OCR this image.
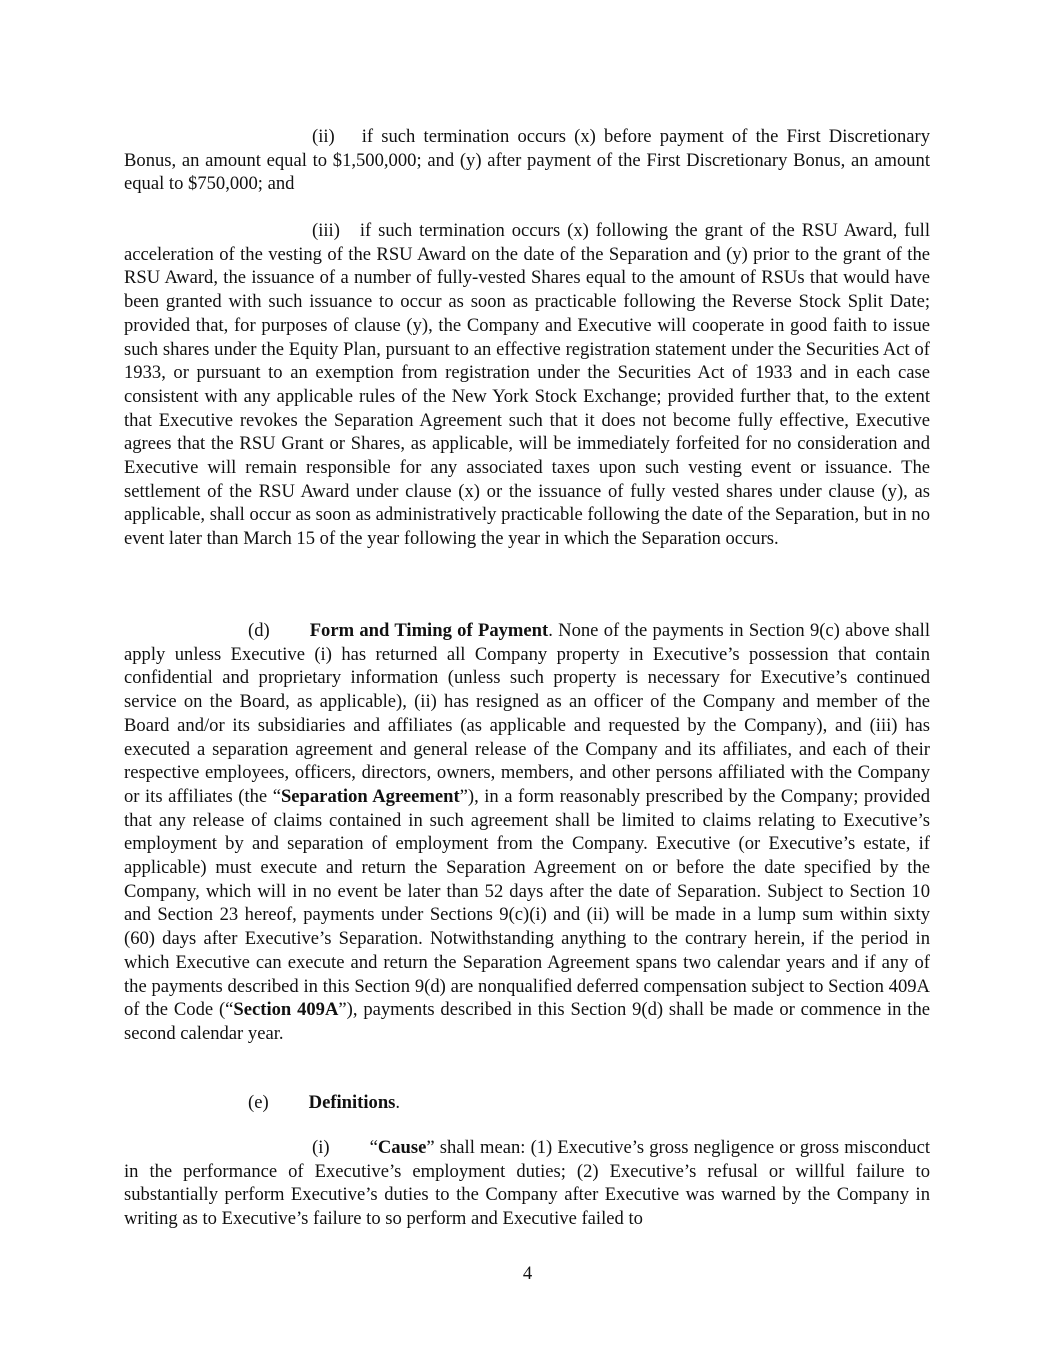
(ii) if such termination occurs (x) before payment of the First Discretionary Bonus, an amount equal to $1,500,000; and (y) after payment of the First Discretionary Bonus, an amount equal to $750,000; and

(iii) if such termination occurs (x) following the grant of the RSU Award, full acceleration of the vesting of the RSU Award on the date of the Separation and (y) prior to the grant of the RSU Award, the issuance of a number of fully-vested Shares equal to the amount of RSUs that would have been granted with such issuance to occur as soon as practicable following the Reverse Stock Split Date; provided that, for purposes of clause (y), the Company and Executive will cooperate in good faith to issue such shares under the Equity Plan, pursuant to an effective registration statement under the Securities Act of 1933, or pursuant to an exemption from registration under the Securities Act of 1933 and in each case consistent with any applicable rules of the New York Stock Exchange; provided further that, to the extent that Executive revokes the Separation Agreement such that it does not become fully effective, Executive agrees that the RSU Grant or Shares, as applicable, will be immediately forfeited for no consideration and Executive will remain responsible for any associated taxes upon such vesting event or issuance. The settlement of the RSU Award under clause (x) or the issuance of fully vested shares under clause (y), as applicable, shall occur as soon as administratively practicable following the date of the Separation, but in no event later than March 15 of the year following the year in which the Separation occurs.

(d) Form and Timing of Payment. None of the payments in Section 9(c) above shall apply unless Executive (i) has returned all Company property in Executive’s possession that contain confidential and proprietary information (unless such property is necessary for Executive’s continued service on the Board, as applicable), (ii) has resigned as an officer of the Company and member of the Board and/or its subsidiaries and affiliates (as applicable and requested by the Company), and (iii) has executed a separation agreement and general release of the Company and its affiliates, and each of their respective employees, officers, directors, owners, members, and other persons affiliated with the Company or its affiliates (the “Separation Agreement”), in a form reasonably prescribed by the Company; provided that any release of claims contained in such agreement shall be limited to claims relating to Executive’s employment by and separation of employment from the Company. Executive (or Executive’s estate, if applicable) must execute and return the Separation Agreement on or before the date specified by the Company, which will in no event be later than 52 days after the date of Separation. Subject to Section 10 and Section 23 hereof, payments under Sections 9(c)(i) and (ii) will be made in a lump sum within sixty (60) days after Executive’s Separation. Notwithstanding anything to the contrary herein, if the period in which Executive can execute and return the Separation Agreement spans two calendar years and if any of the payments described in this Section 9(d) are nonqualified deferred compensation subject to Section 409A of the Code (“Section 409A”), payments described in this Section 9(d) shall be made or commence in the second calendar year.

(e) Definitions.

(i) “Cause” shall mean: (1) Executive’s gross negligence or gross misconduct in the performance of Executive’s employment duties; (2) Executive’s refusal or willful failure to substantially perform Executive’s duties to the Company after Executive was warned by the Company in writing as to Executive’s failure to so perform and Executive failed to

4
